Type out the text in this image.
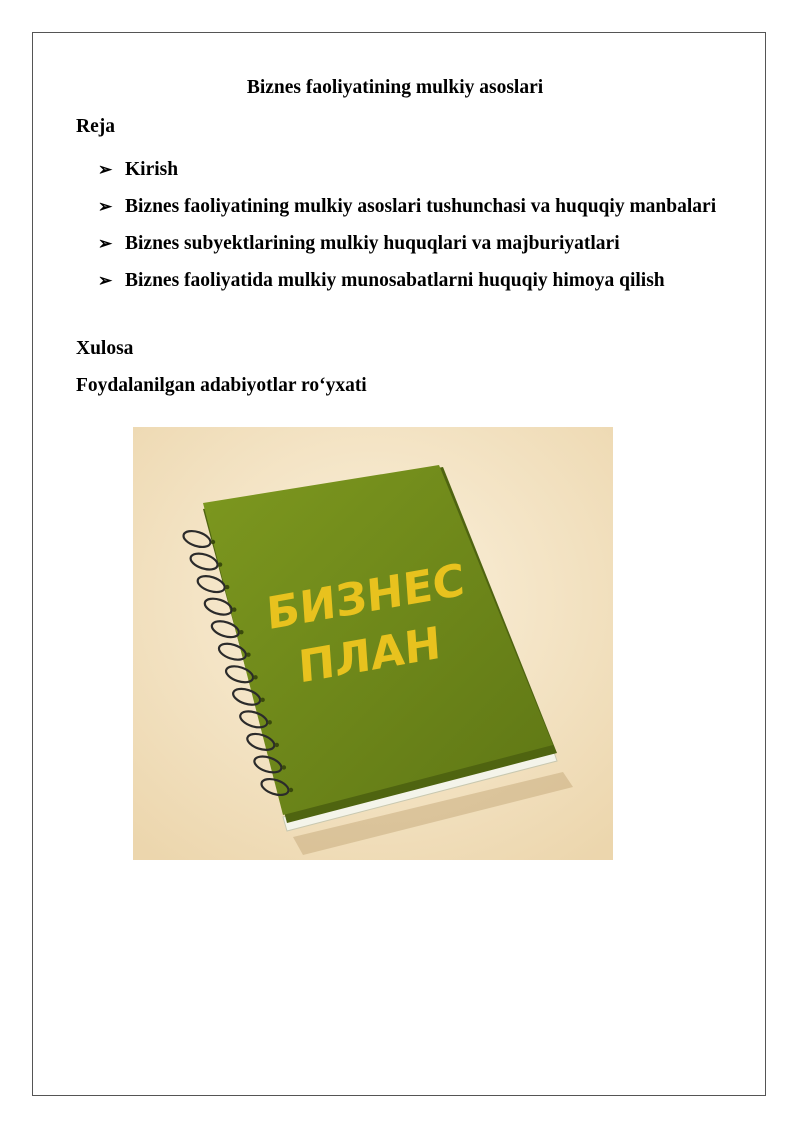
Biznes faoliyatining mulkiy asoslari
Reja
➢ Kirish
➢ Biznes faoliyatining mulkiy asoslari tushunchasi va huquqiy manbalari
➢ Biznes subyektlarining mulkiy huquqlari va majburiyatlari
➢ Biznes faoliyatida mulkiy munosabatlarni huquqiy himoya qilish
Xulosa
Foydalanilgan adabiyotlar ro‘yxati
БИЗНЕС
ПЛАН
